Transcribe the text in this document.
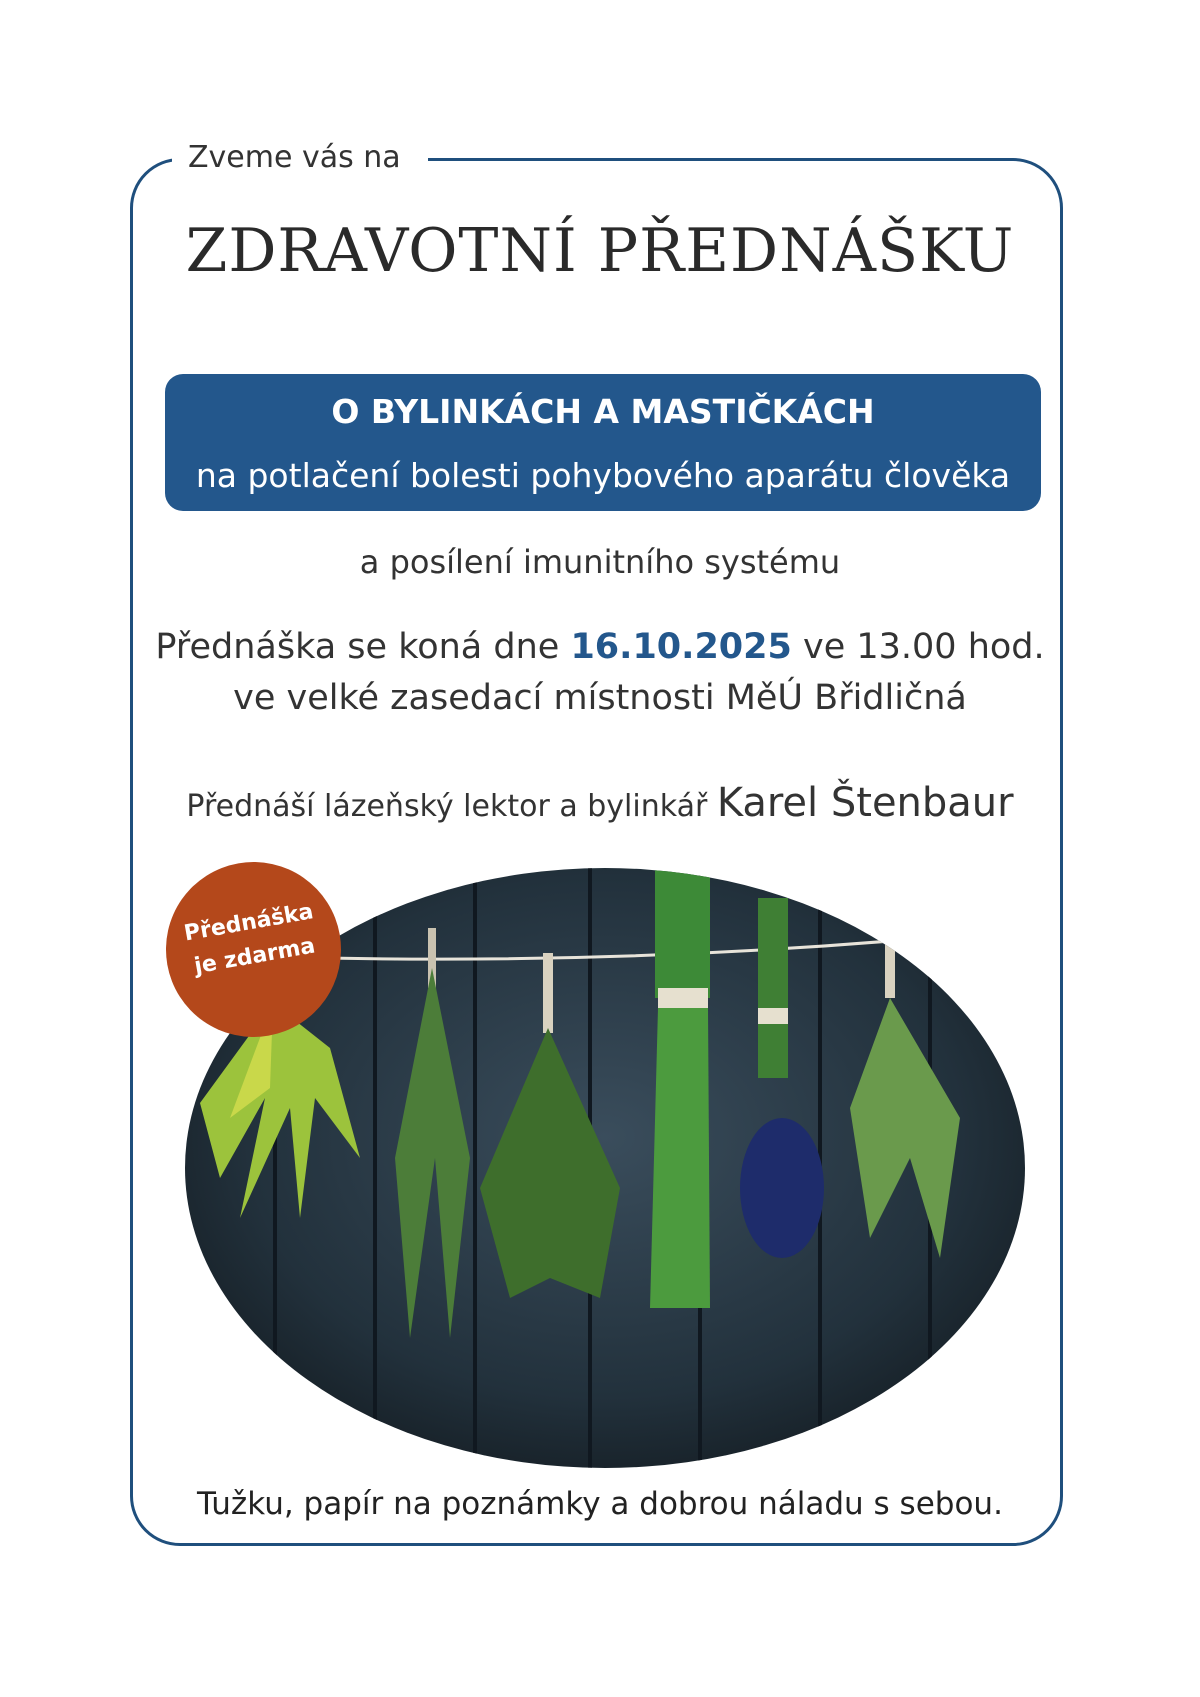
Zveme vás na
ZDRAVOTNÍ PŘEDNÁŠKU
O BYLINKÁCH A MASTIČKÁCH
na potlačení bolesti pohybového aparátu člověka
a posílení imunitního systému
Přednáška se koná dne 16.10.2025 ve 13.00 hod.
ve velké zasedací místnosti MěÚ Břidličná
Přednáší lázeňský lektor a bylinkář Karel Štenbaur
Přednáška
je zdarma
Tužku, papír na poznámky a dobrou náladu s sebou.
